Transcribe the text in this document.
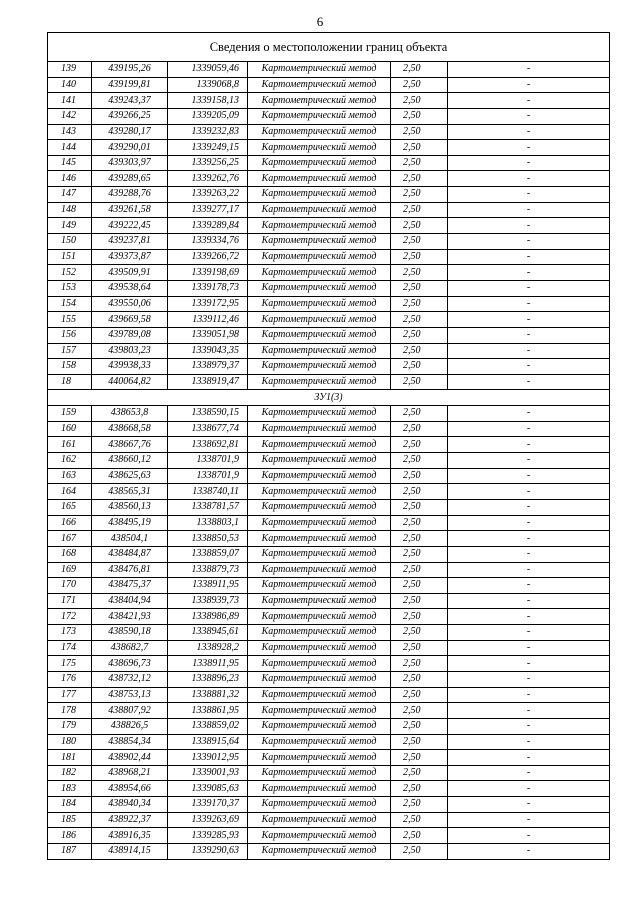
6
Сведения о местоположении границ объекта					
139	439195,26	1339059,46	Картометрический метод	2,50	-
140	439199,81	1339068,8	Картометрический метод	2,50	-
141	439243,37	1339158,13	Картометрический метод	2,50	-
142	439266,25	1339205,09	Картометрический метод	2,50	-
143	439280,17	1339232,83	Картометрический метод	2,50	-
144	439290,01	1339249,15	Картометрический метод	2,50	-
145	439303,97	1339256,25	Картометрический метод	2,50	-
146	439289,65	1339262,76	Картометрический метод	2,50	-
147	439288,76	1339263,22	Картометрический метод	2,50	-
148	439261,58	1339277,17	Картометрический метод	2,50	-
149	439222,45	1339289,84	Картометрический метод	2,50	-
150	439237,81	1339334,76	Картометрический метод	2,50	-
151	439373,87	1339266,72	Картометрический метод	2,50	-
152	439509,91	1339198,69	Картометрический метод	2,50	-
153	439538,64	1339178,73	Картометрический метод	2,50	-
154	439550,06	1339172,95	Картометрический метод	2,50	-
155	439669,58	1339112,46	Картометрический метод	2,50	-
156	439789,08	1339051,98	Картометрический метод	2,50	-
157	439803,23	1339043,35	Картометрический метод	2,50	-
158	439938,33	1338979,37	Картометрический метод	2,50	-
18	440064,82	1338919,47	Картометрический метод	2,50	-
ЗУ1(3)					
159	438653,8	1338590,15	Картометрический метод	2,50	-
160	438668,58	1338677,74	Картометрический метод	2,50	-
161	438667,76	1338692,81	Картометрический метод	2,50	-
162	438660,12	1338701,9	Картометрический метод	2,50	-
163	438625,63	1338701,9	Картометрический метод	2,50	-
164	438565,31	1338740,11	Картометрический метод	2,50	-
165	438560,13	1338781,57	Картометрический метод	2,50	-
166	438495,19	1338803,1	Картометрический метод	2,50	-
167	438504,1	1338850,53	Картометрический метод	2,50	-
168	438484,87	1338859,07	Картометрический метод	2,50	-
169	438476,81	1338879,73	Картометрический метод	2,50	-
170	438475,37	1338911,95	Картометрический метод	2,50	-
171	438404,94	1338939,73	Картометрический метод	2,50	-
172	438421,93	1338986,89	Картометрический метод	2,50	-
173	438590,18	1338945,61	Картометрический метод	2,50	-
174	438682,7	1338928,2	Картометрический метод	2,50	-
175	438696,73	1338911,95	Картометрический метод	2,50	-
176	438732,12	1338896,23	Картометрический метод	2,50	-
177	438753,13	1338881,32	Картометрический метод	2,50	-
178	438807,92	1338861,95	Картометрический метод	2,50	-
179	438826,5	1338859,02	Картометрический метод	2,50	-
180	438854,34	1338915,64	Картометрический метод	2,50	-
181	438902,44	1339012,95	Картометрический метод	2,50	-
182	438968,21	1339001,93	Картометрический метод	2,50	-
183	438954,66	1339085,63	Картометрический метод	2,50	-
184	438940,34	1339170,37	Картометрический метод	2,50	-
185	438922,37	1339263,69	Картометрический метод	2,50	-
186	438916,35	1339285,93	Картометрический метод	2,50	-
187	438914,15	1339290,63	Картометрический метод	2,50	-
